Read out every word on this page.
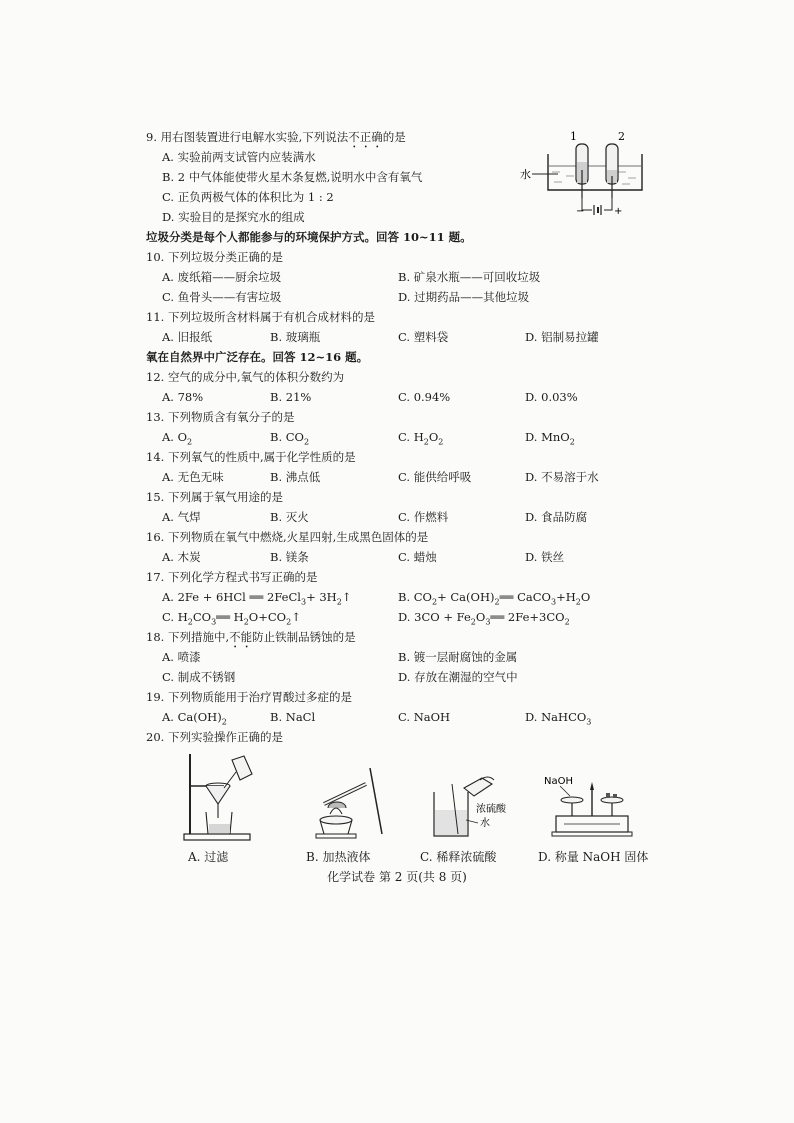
9. 用右图装置进行电解水实验,下列说法不正确的是
A. 实验前两支试管内应装满水
B. 2 中气体能使带火星木条复燃,说明水中含有氧气
C. 正负两极气体的体积比为 1 : 2
D. 实验目的是探究水的组成
1	2
−	+
水
垃圾分类是每个人都能参与的环境保护方式。回答 10~11 题。
10. 下列垃圾分类正确的是
A. 废纸箱——厨余垃圾	B. 矿泉水瓶——可回收垃圾
C. 鱼骨头——有害垃圾	D. 过期药品——其他垃圾
11. 下列垃圾所含材料属于有机合成材料的是
A. 旧报纸	B. 玻璃瓶	C. 塑料袋	D. 铝制易拉罐
氧在自然界中广泛存在。回答 12~16 题。
12. 空气的成分中,氧气的体积分数约为
A. 78%	B. 21%	C. 0.94%	D. 0.03%
13. 下列物质含有氧分子的是
A. $O_2$	B. $CO_2$	C. $H_2O_2$	D. MnO$_2$
14. 下列氧气的性质中,属于化学性质的是
A. 无色无味	B. 沸点低	C. 能供给呼吸	D. 不易溶于水
15. 下列属于氧气用途的是
A. 气焊	B. 灭火	C. 作燃料	D. 食品防腐
16. 下列物质在氧气中燃烧,火星四射,生成黑色固体的是
A. 木炭	B. 镁条	C. 蜡烛	D. 铁丝
17. 下列化学方程式书写正确的是
A. 2Fe + 6HCl ══ 2FeCl$_3$+ $3H_2↑$	B. $CO_2+$ $Ca(OH)_2══$ $CaCO_3+H_2O$
C. $H_2CO_3══$ $H_2O+CO_2↑$	D. $3CO + Fe_2O_3══$ $2Fe+3CO_2$
18. 下列措施中,不能防止铁制品锈蚀的是
A. 喷漆	B. 镀一层耐腐蚀的金属
C. 制成不锈钢	D. 存放在潮湿的空气中
19. 下列物质能用于治疗胃酸过多症的是
A. $Ca(OH)_2$	B. NaCl	C. NaOH	D. NaHCO$_3$
20. 下列实验操作正确的是
A. 过滤	B. 加热液体
浓硫酸
水
C. 稀释浓硫酸
NaOH
D. 称量 NaOH 固体
化学试卷 第 2 页(共 8 页)
